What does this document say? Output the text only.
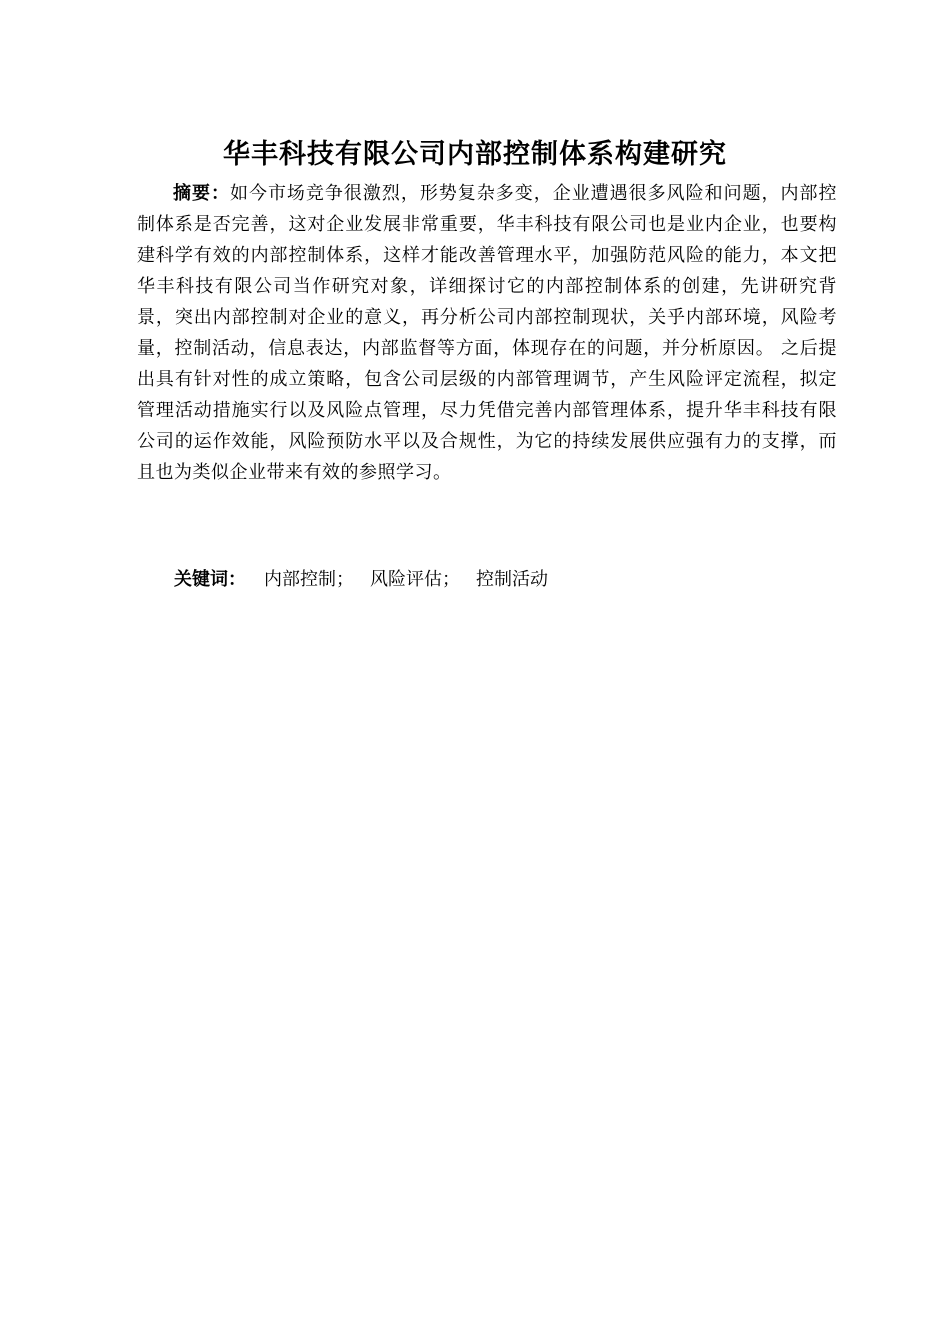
华丰科技有限公司内部控制体系构建研究

摘要：如今市场竞争很激烈，形势复杂多变，企业遭遇很多风险和问题，内部控制体系是否完善，这对企业发展非常重要，华丰科技有限公司也是业内企业，也要构建科学有效的内部控制体系，这样才能改善管理水平，加强防范风险的能力，本文把华丰科技有限公司当作研究对象，详细探讨它的内部控制体系的创建，先讲研究背景，突出内部控制对企业的意义，再分析公司内部控制现状，关乎内部环境，风险考量，控制活动，信息表达，内部监督等方面，体现存在的问题，并分析原因。 之后提出具有针对性的成立策略，包含公司层级的内部管理调节，产生风险评定流程，拟定管理活动措施实行以及风险点管理，尽力凭借完善内部管理体系，提升华丰科技有限公司的运作效能，风险预防水平以及合规性，为它的持续发展供应强有力的支撑，而且也为类似企业带来有效的参照学习。

关键词： 内部控制； 风险评估； 控制活动
